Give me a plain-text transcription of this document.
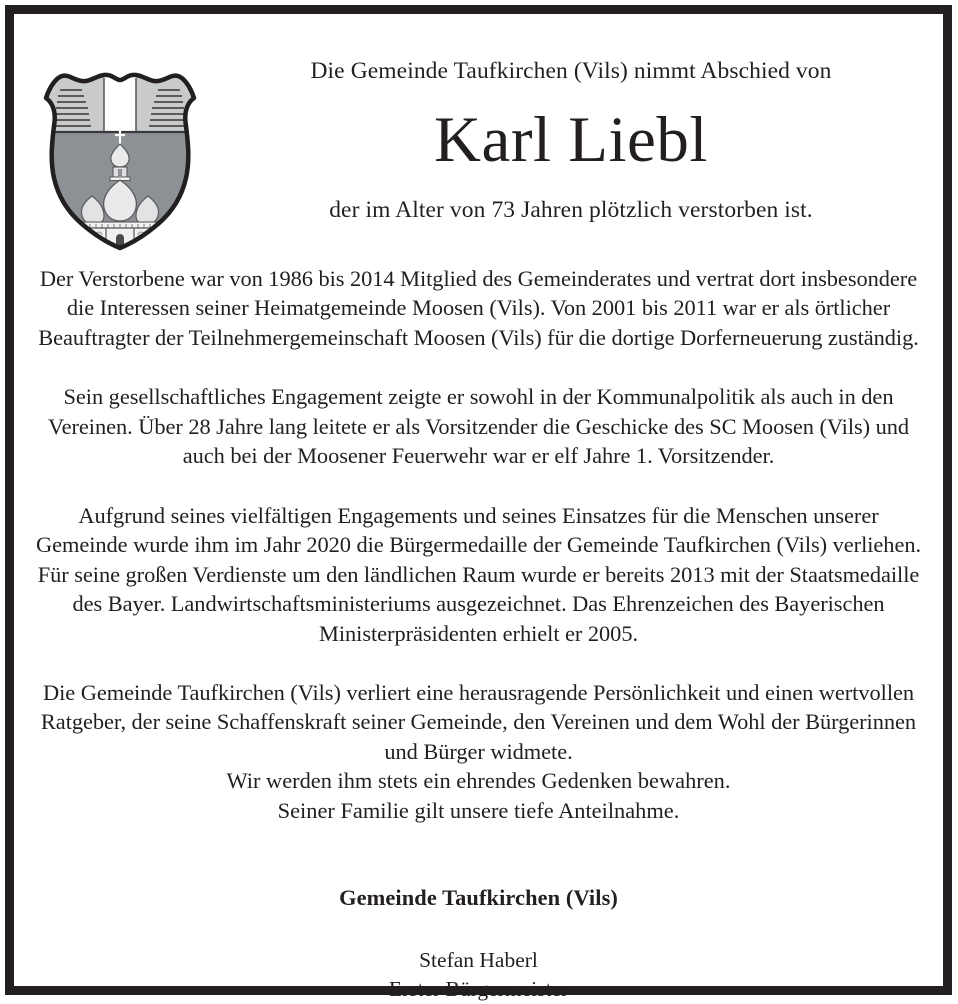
Die Gemeinde Taufkirchen (Vils) nimmt Abschied von
Karl Liebl
der im Alter von 73 Jahren plötzlich verstorben ist.

Der Verstorbene war von 1986 bis 2014 Mitglied des Gemeinderates und vertrat dort insbesondere die Interessen seiner Heimatgemeinde Moosen (Vils). Von 2001 bis 2011 war er als örtlicher Beauftragter der Teilnehmergemeinschaft Moosen (Vils) für die dortige Dorferneuerung zuständig.

Sein gesellschaftliches Engagement zeigte er sowohl in der Kommunalpolitik als auch in den Vereinen. Über 28 Jahre lang leitete er als Vorsitzender die Geschicke des SC Moosen (Vils) und auch bei der Moosener Feuerwehr war er elf Jahre 1. Vorsitzender.

Aufgrund seines vielfältigen Engagements und seines Einsatzes für die Menschen unserer Gemeinde wurde ihm im Jahr 2020 die Bürgermedaille der Gemeinde Taufkirchen (Vils) verliehen. Für seine großen Verdienste um den ländlichen Raum wurde er bereits 2013 mit der Staatsmedaille des Bayer. Landwirtschaftsministeriums ausgezeichnet. Das Ehrenzeichen des Bayerischen Ministerpräsidenten erhielt er 2005.

Die Gemeinde Taufkirchen (Vils) verliert eine herausragende Persönlichkeit und einen wertvollen Ratgeber, der seine Schaffenskraft seiner Gemeinde, den Vereinen und dem Wohl der Bürgerinnen und Bürger widmete.

Wir werden ihm stets ein ehrendes Gedenken bewahren.
Seiner Familie gilt unsere tiefe Anteilnahme.
Gemeinde Taufkirchen (Vils)
Stefan Haberl
Erster Bürgermeister
